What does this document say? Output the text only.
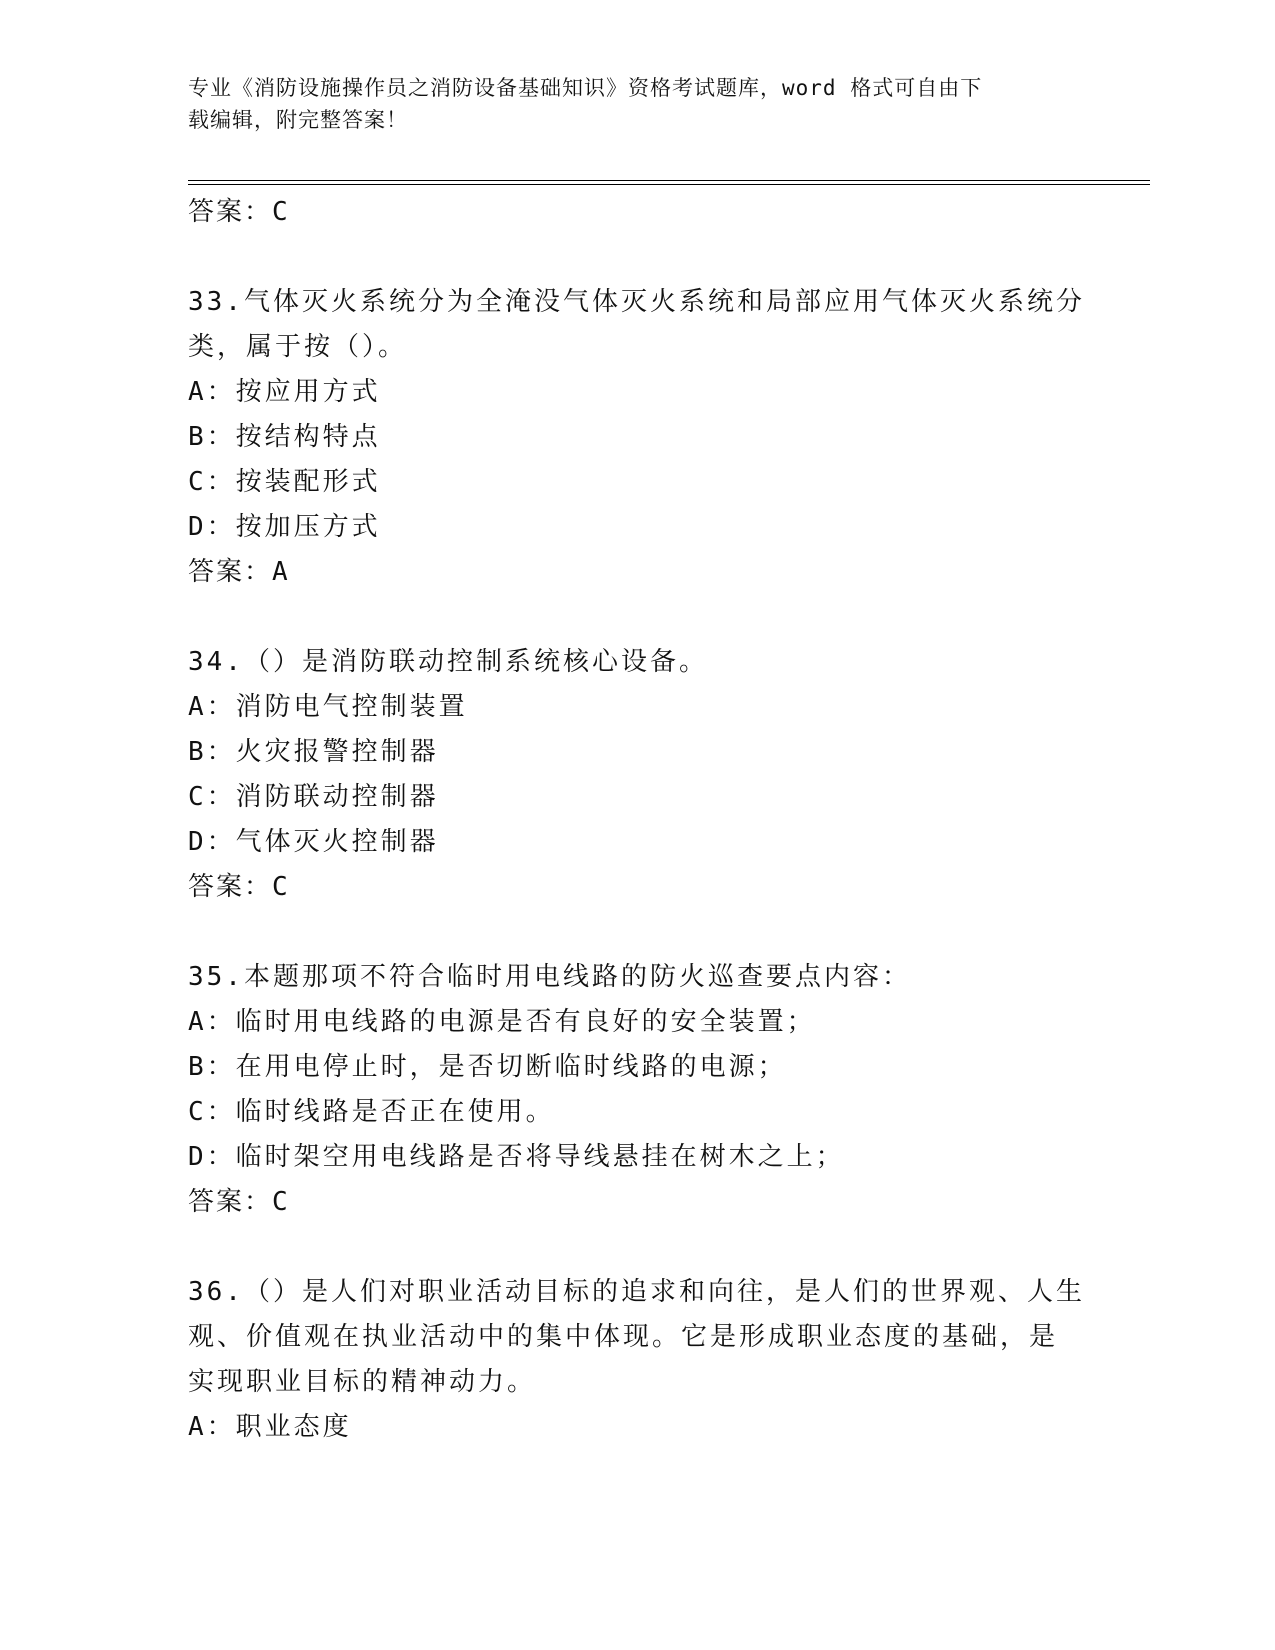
专业《消防设施操作员之消防设备基础知识》资格考试题库，word 格式可自由下
载编辑，附完整答案！
答案：C
33.气体灭火系统分为全淹没气体灭火系统和局部应用气体灭火系统分
类，属于按（）。
A：按应用方式
B：按结构特点
C：按装配形式
D：按加压方式
答案：A
34.（）是消防联动控制系统核心设备。
A：消防电气控制装置
B：火灾报警控制器
C：消防联动控制器
D：气体灭火控制器
答案：C
35.本题那项不符合临时用电线路的防火巡查要点内容：
A：临时用电线路的电源是否有良好的安全装置；
B：在用电停止时，是否切断临时线路的电源；
C：临时线路是否正在使用。
D：临时架空用电线路是否将导线悬挂在树木之上；
答案：C
36.（）是人们对职业活动目标的追求和向往，是人们的世界观、人生
观、价值观在执业活动中的集中体现。它是形成职业态度的基础，是
实现职业目标的精神动力。
A：职业态度
